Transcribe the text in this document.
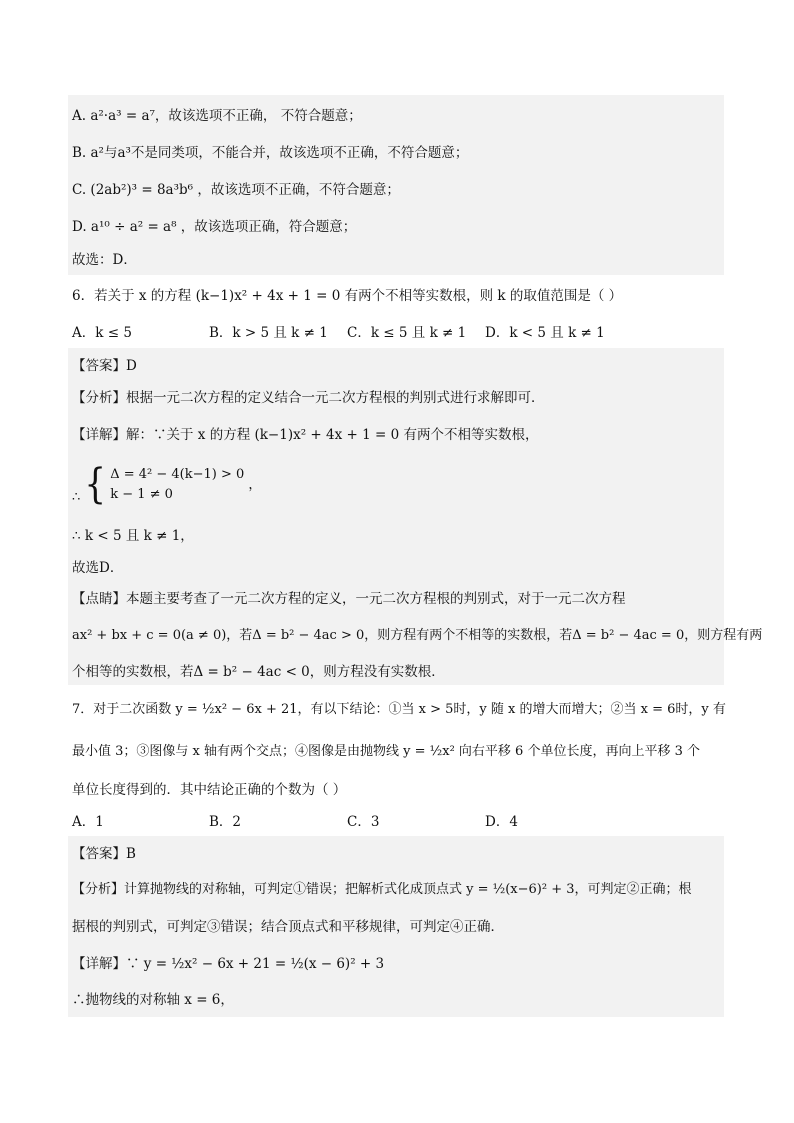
A. a²·a³ = a⁷，故该选项不正确， 不符合题意；
B. a²与a³不是同类项，不能合并，故该选项不正确，不符合题意；
C. (2ab²)³ = 8a³b⁶ ，故该选项不正确，不符合题意；
D. a¹⁰ ÷ a² = a⁸ ，故该选项正确，符合题意；
故选：D．
6．若关于 x 的方程 (k−1)x² + 4x + 1 = 0 有两个不相等实数根，则 k 的取值范围是（ ）
A．k ≤ 5	B．k > 5 且 k ≠ 1 C．k ≤ 5 且 k ≠ 1 D．k < 5 且 k ≠ 1
【答案】D
【分析】根据一元二次方程的定义结合一元二次方程根的判别式进行求解即可．
【详解】解：∵关于 x 的方程 (k−1)x² + 4x + 1 = 0 有两个不相等实数根，
∴ { Δ = 4² − 4(k−1) > 0
k − 1 ≠ 0
，
∴ k < 5 且 k ≠ 1，
故选D．
【点睛】本题主要考查了一元二次方程的定义，一元二次方程根的判别式，对于一元二次方程
ax² + bx + c = 0(a ≠ 0)，若Δ = b² − 4ac > 0，则方程有两个不相等的实数根，若Δ = b² − 4ac = 0，则方程有两
个相等的实数根，若Δ = b² − 4ac < 0，则方程没有实数根．
7．对于二次函数 y = ½x² − 6x + 21，有以下结论：①当 x > 5时，y 随 x 的增大而增大；②当 x = 6时，y 有
最小值 3；③图像与 x 轴有两个交点；④图像是由抛物线 y = ½x² 向右平移 6 个单位长度，再向上平移 3 个
单位长度得到的．其中结论正确的个数为（ ）
A．1	B．2	C．3	D．4
【答案】B
【分析】计算抛物线的对称轴，可判定①错误；把解析式化成顶点式 y = ½(x−6)² + 3，可判定②正确；根
据根的判别式，可判定③错误；结合顶点式和平移规律，可判定④正确．
【详解】∵ y = ½x² − 6x + 21 = ½(x − 6)² + 3
∴抛物线的对称轴 x = 6，
